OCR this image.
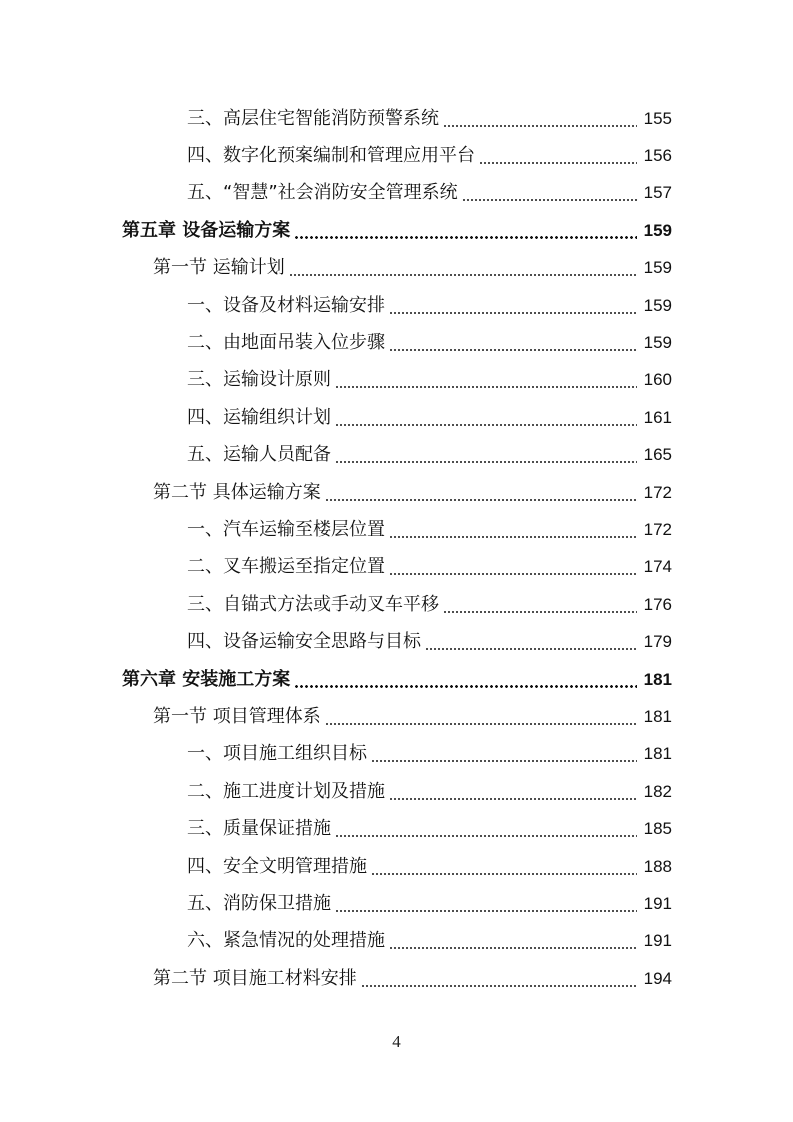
三、高层住宅智能消防预警系统	155
四、数字化预案编制和管理应用平台	156
五、“智慧”社会消防安全管理系统	157
第五章 设备运输方案	159
第一节 运输计划	159
一、设备及材料运输安排	159
二、由地面吊装入位步骤	159
三、运输设计原则	160
四、运输组织计划	161
五、运输人员配备	165
第二节 具体运输方案	172
一、汽车运输至楼层位置	172
二、叉车搬运至指定位置	174
三、自锚式方法或手动叉车平移	176
四、设备运输安全思路与目标	179
第六章 安装施工方案	181
第一节 项目管理体系	181
一、项目施工组织目标	181
二、施工进度计划及措施	182
三、质量保证措施	185
四、安全文明管理措施	188
五、消防保卫措施	191
六、紧急情况的处理措施	191
第二节 项目施工材料安排	194
4
